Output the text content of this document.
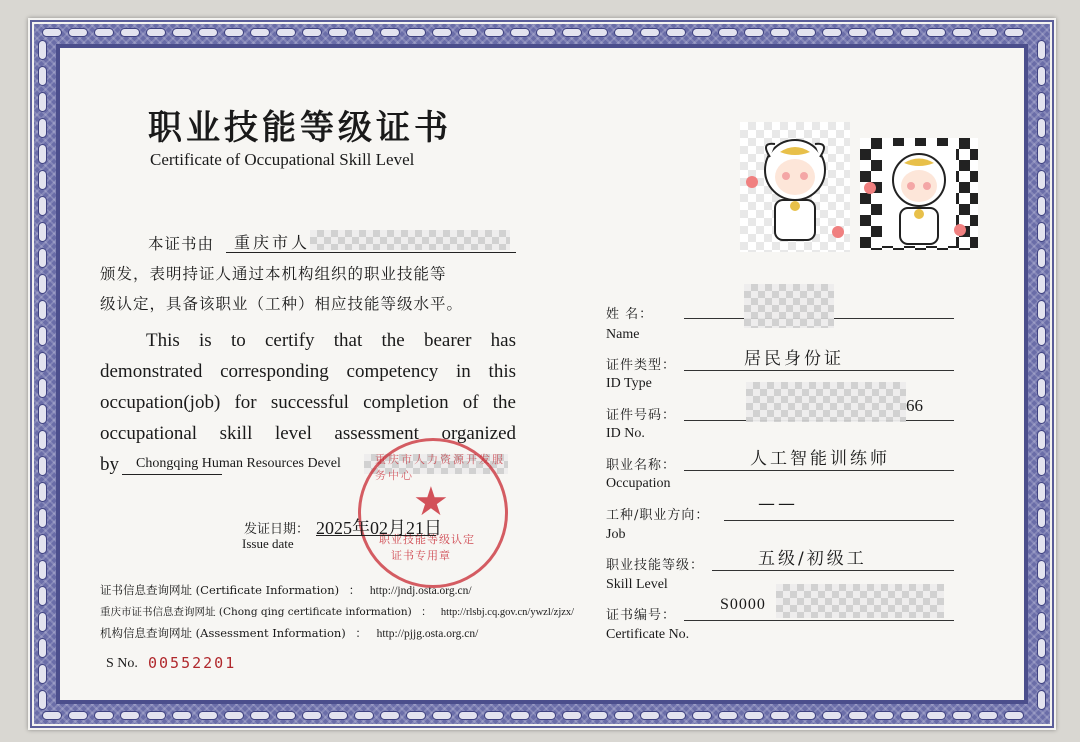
职业技能等级证书
Certificate of Occupational Skill Level
本证书由 重庆市人
颁发，表明持证人通过本机构组织的职业技能等
级认定，具备该职业（工种）相应技能等级水平。
This is to certify that the bearer has
demonstrated corresponding competency in this
occupation(job) for successful completion of the
occupational skill level assessment organized
by Chongqing Human Resources Devel	重庆市人力资源开发服务中心
★
职业技能等级认定
证书专用章
发证日期：
Issue date
2025年02月21日
证书信息查询网址 (Certificate Information) ： http://jndj.osta.org.cn/
重庆市证书信息查询网址 (Chong qing certificate information) ： http://rlsbj.cq.gov.cn/ywzl/zjzx/
机构信息查询网址 (Assessment Information) ： http://pjjg.osta.org.cn/
S No. 00552201
姓 名：
Name
证件类型：
ID Type
居民身份证
证件号码：
ID No.
66
职业名称：
Occupation
人工智能训练师
工种/职业方向：
Job
——
职业技能等级：
Skill Level
五级/初级工
证书编号：
Certificate No.
S0000
